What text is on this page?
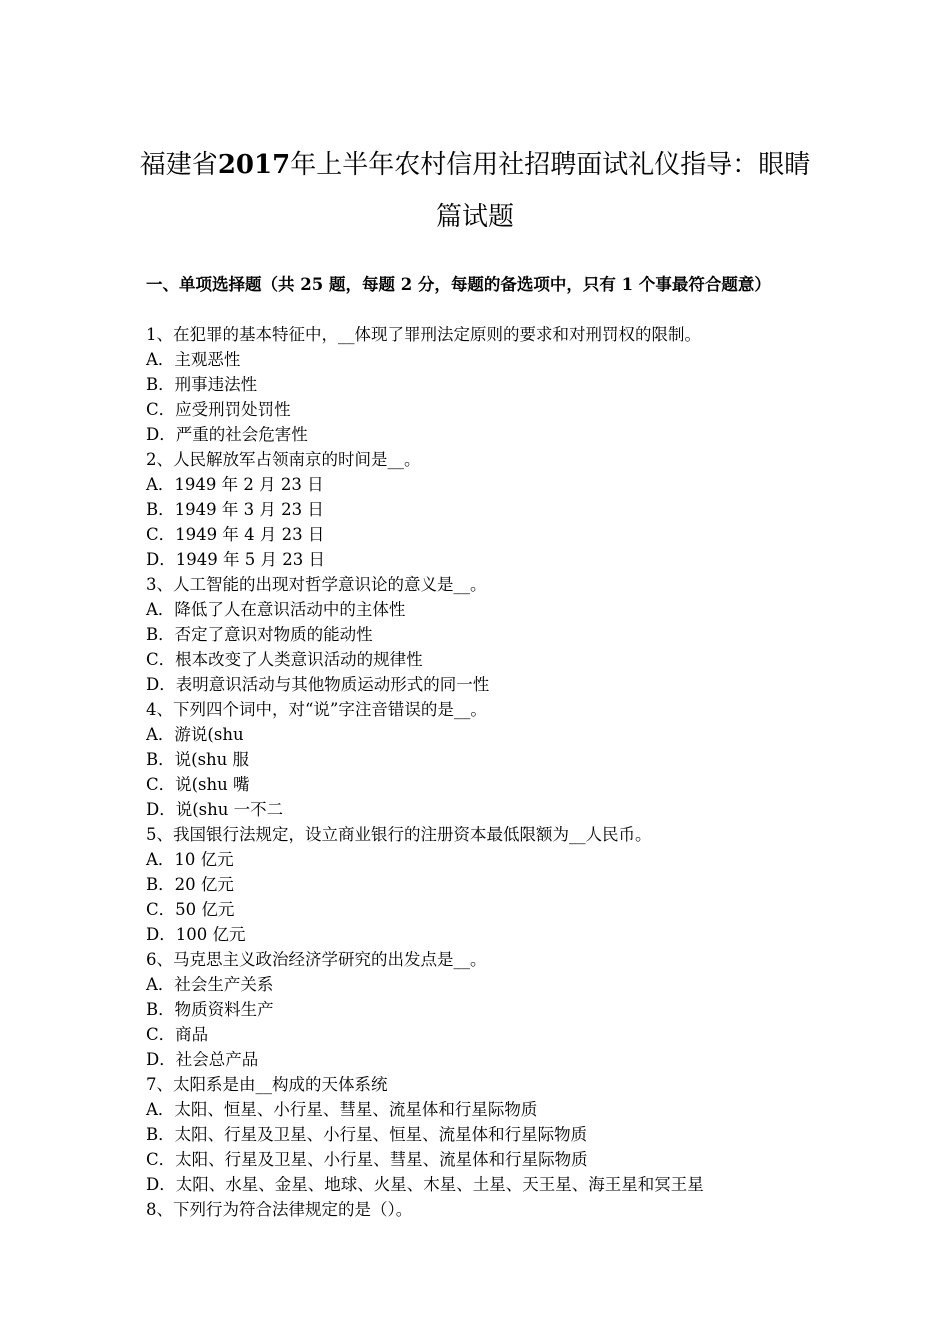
福建省2017年上半年农村信用社招聘面试礼仪指导：眼睛
篇试题
一、单项选择题（共 25 题，每题 2 分，每题的备选项中，只有 1 个事最符合题意）
1、在犯罪的基本特征中，__体现了罪刑法定原则的要求和对刑罚权的限制。
A．主观恶性
B．刑事违法性
C．应受刑罚处罚性
D．严重的社会危害性
2、人民解放军占领南京的时间是__。
A．1949 年 2 月 23 日
B．1949 年 3 月 23 日
C．1949 年 4 月 23 日
D．1949 年 5 月 23 日
3、人工智能的出现对哲学意识论的意义是__。
A．降低了人在意识活动中的主体性
B．否定了意识对物质的能动性
C．根本改变了人类意识活动的规律性
D．表明意识活动与其他物质运动形式的同一性
4、下列四个词中，对“说”字注音错误的是__。
A．游说(shu
B．说(shu 服
C．说(shu 嘴
D．说(shu 一不二
5、我国银行法规定，设立商业银行的注册资本最低限额为__人民币。
A．10 亿元
B．20 亿元
C．50 亿元
D．100 亿元
6、马克思主义政治经济学研究的出发点是__。
A．社会生产关系
B．物质资料生产
C．商品
D．社会总产品
7、太阳系是由__构成的天体系统
A．太阳、恒星、小行星、彗星、流星体和行星际物质
B．太阳、行星及卫星、小行星、恒星、流星体和行星际物质
C．太阳、行星及卫星、小行星、彗星、流星体和行星际物质
D．太阳、水星、金星、地球、火星、木星、土星、天王星、海王星和冥王星
8、下列行为符合法律规定的是（）。
